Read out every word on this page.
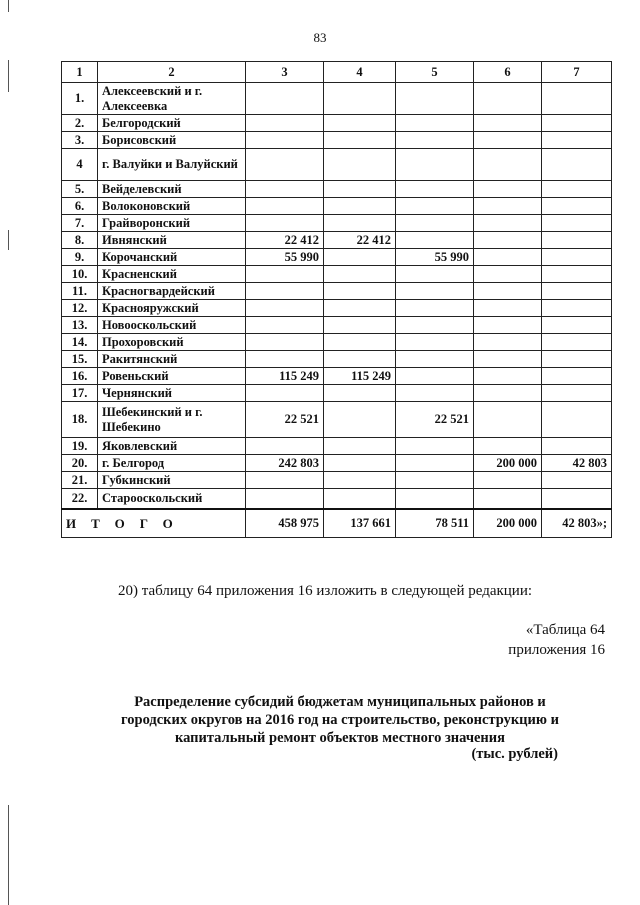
83
1	2	3	4	5	6	7
1.	Алексеевский и г. Алексеевка					
2.	Белгородский					
3.	Борисовский					
4	г. Валуйки и Валуйский					
5.	Вейделевский					
6.	Волоконовский					
7.	Грайворонский					
8.	Ивнянский	22 412	22 412			
9.	Корочанский	55 990		55 990		
10.	Красненский					
11.	Красногвардейский					
12.	Краснояружский					
13.	Новооскольский					
14.	Прохоровский					
15.	Ракитянский					
16.	Ровеньский	115 249	115 249			
17.	Чернянский					
18.	Шебекинский и г. Шебекино	22 521		22 521		
19.	Яковлевский					
20.	г. Белгород	242 803			200 000	42 803
21.	Губкинский					
22.	Старооскольский					
ИТОГО		458 975	137 661	78 511	200 000	42 803»;
20) таблицу 64 приложения 16 изложить в следующей редакции:
«Таблица 64
приложения 16
Распределение субсидий бюджетам муниципальных районов и
городских округов на 2016 год на строительство, реконструкцию и
капитальный ремонт объектов местного значения
(тыс. рублей)
